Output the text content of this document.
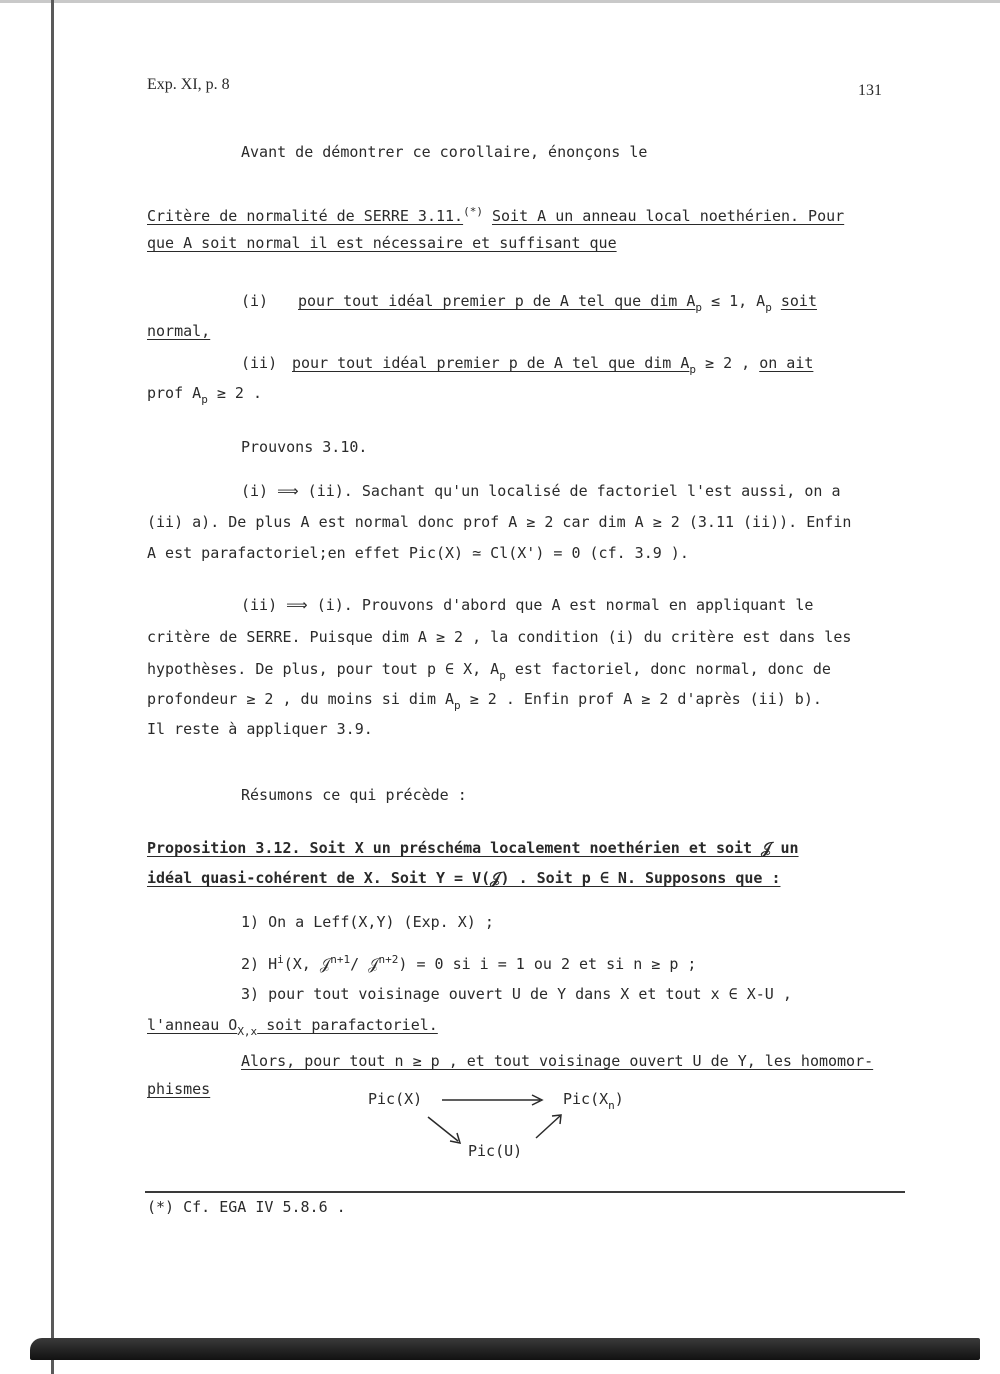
Exp. XI, p. 8	131
Avant de démontrer ce corollaire, énonçons le
Critère de normalité de SERRE 3.11.(*) Soit A un anneau local noethérien. Pour
que A soit normal il est nécessaire et suffisant que
(i) pour tout idéal premier p de A tel que dim $A_p \le 1$, $A_p$ soit
normal,
(ii) pour tout idéal premier p de A tel que dim $A_p \ge 2$ , on ait
prof $A_p \ge 2$ .
Prouvons 3.10.
(i) ⟹ (ii). Sachant qu'un localisé de factoriel l'est aussi, on a
(ii) a). De plus A est normal donc prof A ≥ 2 car dim A ≥ 2 (3.11 (ii)). Enfin
A est parafactoriel;en effet Pic(X) ≃ Cl(X') = 0 (cf. 3.9 ).
(ii) ⟹ (i). Prouvons d'abord que A est normal en appliquant le
critère de SERRE. Puisque dim A ≥ 2 , la condition (i) du critère est dans les
hypothèses. De plus, pour tout p ∈ X, $A_p$ est factoriel, donc normal, donc de
profondeur ≥ 2 , du moins si dim $A_p \ge 2$ . Enfin prof A ≥ 2 d'après (ii) b).
Il reste à appliquer 3.9.
Résumons ce qui précède :
Proposition 3.12. Soit X un préschéma localement noethérien et soit 𝒥 un
idéal quasi-cohérent de X. Soit Y = V(𝒥) . Soit p ∈ N. Supposons que :
1) On a Leff(X,Y) (Exp. X) ;
2) $H^i(X$, 𝒥$^{n+1}$/ 𝒥$^{n+2}$) = 0 si i = 1 ou 2 et si n ≥ p ;
3) pour tout voisinage ouvert U de Y dans X et tout x ∈ X-U ,
l'anneau $O_{X,x}$ soit parafactoriel.
Alors, pour tout n ≥ p , et tout voisinage ouvert U de Y, les homomor-
phismes
Pic(X)	$Pic(X_n)$
Pic(U)
(*) Cf. EGA IV 5.8.6 .
